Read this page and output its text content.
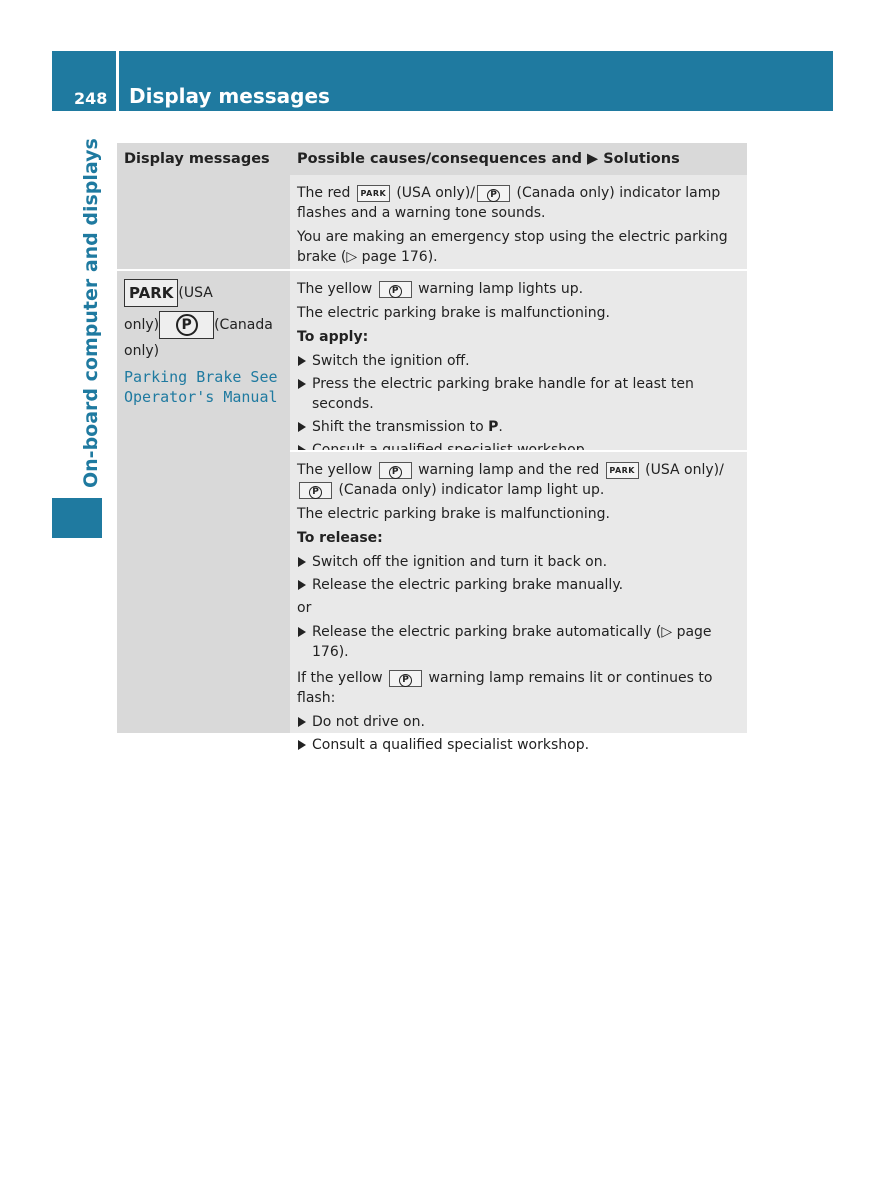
248 Display messages
On-board computer and displays	Display messages	Possible causes/consequences and ▶ Solutions

The red PARK (USA only)/ P (Canada only) indicator lamp flashes and a warning tone sounds.

You are making an emergency stop using the electric parking brake (▷ page 176).

PARK (USA
only) P (Canada
only)
Parking Brake See
Operator's Manual

The yellow P warning lamp lights up.

The electric parking brake is malfunctioning.

To apply:

Switch the ignition off.
Press the electric parking brake handle for at least ten seconds.
Shift the transmission to P.

The yellow P warning lamp and the red PARK (USA only)/P (Canada only) indicator lamp light up.

The electric parking brake is malfunctioning.

To release:

Switch off the ignition and turn it back on.
Release the electric parking brake manually.

or

Release the electric parking brake automatically (▷ page 176).

If the yellow P warning lamp remains lit or continues to flash:

Do not drive on.
Consult a qualified specialist workshop.
